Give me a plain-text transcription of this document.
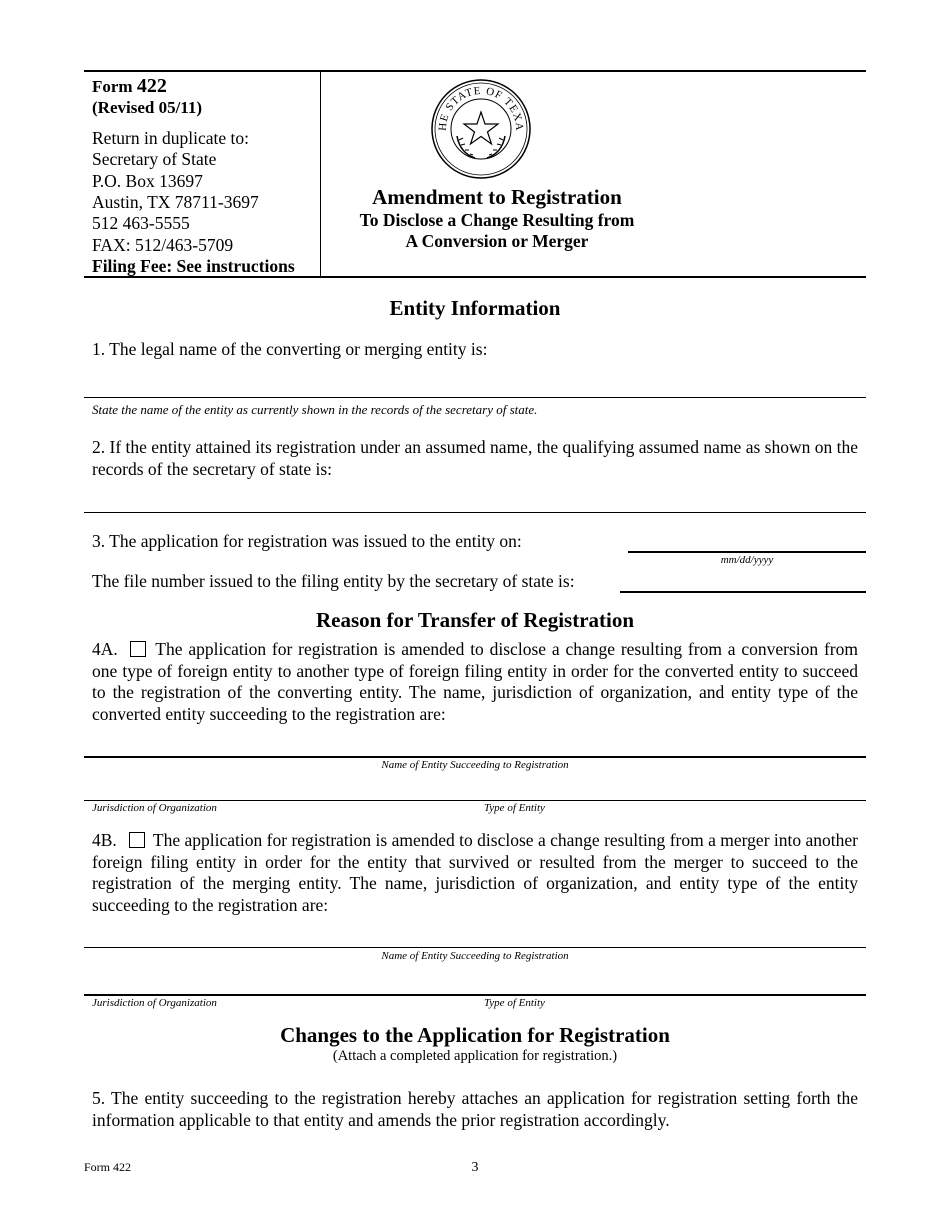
Form 422
(Revised 05/11)
Return in duplicate to:
Secretary of State
P.O. Box 13697
Austin, TX 78711-3697
512 463-5555
FAX: 512/463-5709
Filing Fee: See instructions
HE STATE OF TEXA
Amendment to Registration
To Disclose a Change Resulting from
A Conversion or Merger
Entity Information
1. The legal name of the converting or merging entity is:
State the name of the entity as currently shown in the records of the secretary of state.
2. If the entity attained its registration under an assumed name, the qualifying assumed name as shown on the records of the secretary of state is:
3. The application for registration was issued to the entity on:
mm/dd/yyyy
The file number issued to the filing entity by the secretary of state is:
Reason for Transfer of Registration
4A. The application for registration is amended to disclose a change resulting from a conversion from one type of foreign entity to another type of foreign filing entity in order for the converted entity to succeed to the registration of the converting entity. The name, jurisdiction of organization, and entity type of the converted entity succeeding to the registration are:
Name of Entity Succeeding to Registration
Jurisdiction of Organization	Type of Entity
4B. The application for registration is amended to disclose a change resulting from a merger into another foreign filing entity in order for the entity that survived or resulted from the merger to succeed to the registration of the merging entity. The name, jurisdiction of organization, and entity type of the entity succeeding to the registration are:
Name of Entity Succeeding to Registration
Jurisdiction of Organization	Type of Entity
Changes to the Application for Registration
(Attach a completed application for registration.)
5. The entity succeeding to the registration hereby attaches an application for registration setting forth the information applicable to that entity and amends the prior registration accordingly.
Form 422	3
